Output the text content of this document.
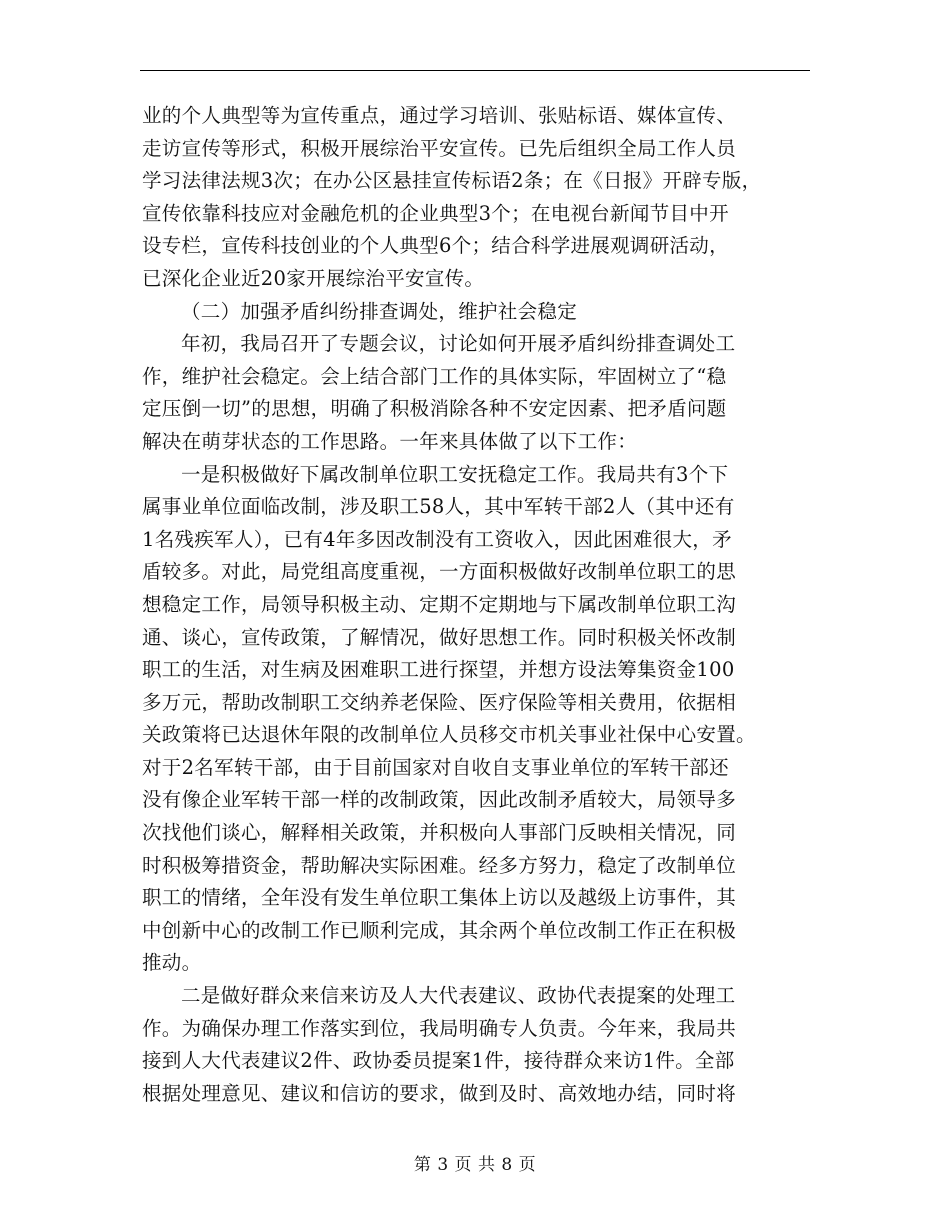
业的个人典型等为宣传重点，通过学习培训、张贴标语、媒体宣传、
走访宣传等形式，积极开展综治平安宣传。已先后组织全局工作人员
学习法律法规3次；在办公区悬挂宣传标语2条；在《日报》开辟专版，
宣传依靠科技应对金融危机的企业典型3个；在电视台新闻节目中开
设专栏，宣传科技创业的个人典型6个；结合科学进展观调研活动，
已深化企业近20家开展综治平安宣传。
（二）加强矛盾纠纷排查调处，维护社会稳定
年初，我局召开了专题会议，讨论如何开展矛盾纠纷排查调处工
作，维护社会稳定。会上结合部门工作的具体实际，牢固树立了“稳
定压倒一切”的思想，明确了积极消除各种不安定因素、把矛盾问题
解决在萌芽状态的工作思路。一年来具体做了以下工作：
一是积极做好下属改制单位职工安抚稳定工作。我局共有3个下
属事业单位面临改制，涉及职工58人，其中军转干部2人（其中还有
1名残疾军人），已有4年多因改制没有工资收入，因此困难很大，矛
盾较多。对此，局党组高度重视，一方面积极做好改制单位职工的思
想稳定工作，局领导积极主动、定期不定期地与下属改制单位职工沟
通、谈心，宣传政策，了解情况，做好思想工作。同时积极关怀改制
职工的生活，对生病及困难职工进行探望，并想方设法筹集资金100
多万元，帮助改制职工交纳养老保险、医疗保险等相关费用，依据相
关政策将已达退休年限的改制单位人员移交市机关事业社保中心安置。
对于2名军转干部，由于目前国家对自收自支事业单位的军转干部还
没有像企业军转干部一样的改制政策，因此改制矛盾较大，局领导多
次找他们谈心，解释相关政策，并积极向人事部门反映相关情况，同
时积极筹措资金，帮助解决实际困难。经多方努力，稳定了改制单位
职工的情绪，全年没有发生单位职工集体上访以及越级上访事件，其
中创新中心的改制工作已顺利完成，其余两个单位改制工作正在积极
推动。
二是做好群众来信来访及人大代表建议、政协代表提案的处理工
作。为确保办理工作落实到位，我局明确专人负责。今年来，我局共
接到人大代表建议2件、政协委员提案1件，接待群众来访1件。全部
根据处理意见、建议和信访的要求，做到及时、高效地办结，同时将
第 3 页 共 8 页
